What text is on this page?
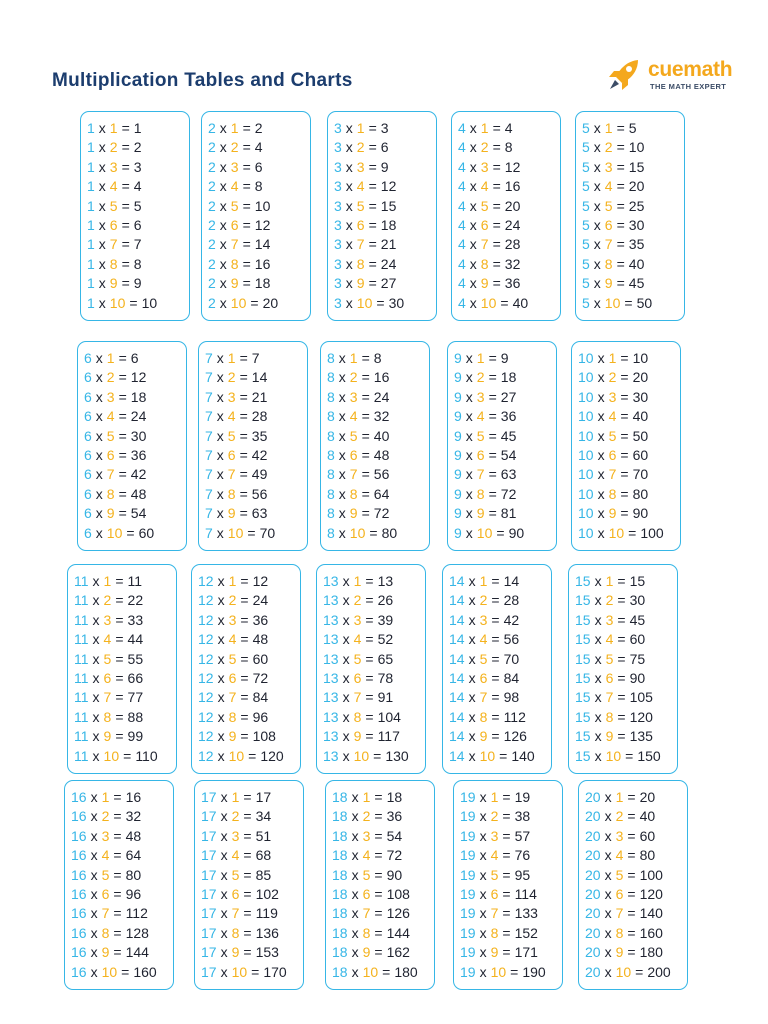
Multiplication Tables and Charts	cuemath
THE MATH EXPERT
1 x 1 = 1
1 x 2 = 2
1 x 3 = 3
1 x 4 = 4
1 x 5 = 5
1 x 6 = 6
1 x 7 = 7
1 x 8 = 8
1 x 9 = 9
1 x 10 = 10
2 x 1 = 2
2 x 2 = 4
2 x 3 = 6
2 x 4 = 8
2 x 5 = 10
2 x 6 = 12
2 x 7 = 14
2 x 8 = 16
2 x 9 = 18
2 x 10 = 20
3 x 1 = 3
3 x 2 = 6
3 x 3 = 9
3 x 4 = 12
3 x 5 = 15
3 x 6 = 18
3 x 7 = 21
3 x 8 = 24
3 x 9 = 27
3 x 10 = 30
4 x 1 = 4
4 x 2 = 8
4 x 3 = 12
4 x 4 = 16
4 x 5 = 20
4 x 6 = 24
4 x 7 = 28
4 x 8 = 32
4 x 9 = 36
4 x 10 = 40
5 x 1 = 5
5 x 2 = 10
5 x 3 = 15
5 x 4 = 20
5 x 5 = 25
5 x 6 = 30
5 x 7 = 35
5 x 8 = 40
5 x 9 = 45
5 x 10 = 50
6 x 1 = 6
6 x 2 = 12
6 x 3 = 18
6 x 4 = 24
6 x 5 = 30
6 x 6 = 36
6 x 7 = 42
6 x 8 = 48
6 x 9 = 54
6 x 10 = 60
7 x 1 = 7
7 x 2 = 14
7 x 3 = 21
7 x 4 = 28
7 x 5 = 35
7 x 6 = 42
7 x 7 = 49
7 x 8 = 56
7 x 9 = 63
7 x 10 = 70
8 x 1 = 8
8 x 2 = 16
8 x 3 = 24
8 x 4 = 32
8 x 5 = 40
8 x 6 = 48
8 x 7 = 56
8 x 8 = 64
8 x 9 = 72
8 x 10 = 80
9 x 1 = 9
9 x 2 = 18
9 x 3 = 27
9 x 4 = 36
9 x 5 = 45
9 x 6 = 54
9 x 7 = 63
9 x 8 = 72
9 x 9 = 81
9 x 10 = 90
10 x 1 = 10
10 x 2 = 20
10 x 3 = 30
10 x 4 = 40
10 x 5 = 50
10 x 6 = 60
10 x 7 = 70
10 x 8 = 80
10 x 9 = 90
10 x 10 = 100
11 x 1 = 11
11 x 2 = 22
11 x 3 = 33
11 x 4 = 44
11 x 5 = 55
11 x 6 = 66
11 x 7 = 77
11 x 8 = 88
11 x 9 = 99
11 x 10 = 110
12 x 1 = 12
12 x 2 = 24
12 x 3 = 36
12 x 4 = 48
12 x 5 = 60
12 x 6 = 72
12 x 7 = 84
12 x 8 = 96
12 x 9 = 108
12 x 10 = 120
13 x 1 = 13
13 x 2 = 26
13 x 3 = 39
13 x 4 = 52
13 x 5 = 65
13 x 6 = 78
13 x 7 = 91
13 x 8 = 104
13 x 9 = 117
13 x 10 = 130
14 x 1 = 14
14 x 2 = 28
14 x 3 = 42
14 x 4 = 56
14 x 5 = 70
14 x 6 = 84
14 x 7 = 98
14 x 8 = 112
14 x 9 = 126
14 x 10 = 140
15 x 1 = 15
15 x 2 = 30
15 x 3 = 45
15 x 4 = 60
15 x 5 = 75
15 x 6 = 90
15 x 7 = 105
15 x 8 = 120
15 x 9 = 135
15 x 10 = 150
16 x 1 = 16
16 x 2 = 32
16 x 3 = 48
16 x 4 = 64
16 x 5 = 80
16 x 6 = 96
16 x 7 = 112
16 x 8 = 128
16 x 9 = 144
16 x 10 = 160
17 x 1 = 17
17 x 2 = 34
17 x 3 = 51
17 x 4 = 68
17 x 5 = 85
17 x 6 = 102
17 x 7 = 119
17 x 8 = 136
17 x 9 = 153
17 x 10 = 170
18 x 1 = 18
18 x 2 = 36
18 x 3 = 54
18 x 4 = 72
18 x 5 = 90
18 x 6 = 108
18 x 7 = 126
18 x 8 = 144
18 x 9 = 162
18 x 10 = 180
19 x 1 = 19
19 x 2 = 38
19 x 3 = 57
19 x 4 = 76
19 x 5 = 95
19 x 6 = 114
19 x 7 = 133
19 x 8 = 152
19 x 9 = 171
19 x 10 = 190
20 x 1 = 20
20 x 2 = 40
20 x 3 = 60
20 x 4 = 80
20 x 5 = 100
20 x 6 = 120
20 x 7 = 140
20 x 8 = 160
20 x 9 = 180
20 x 10 = 200
